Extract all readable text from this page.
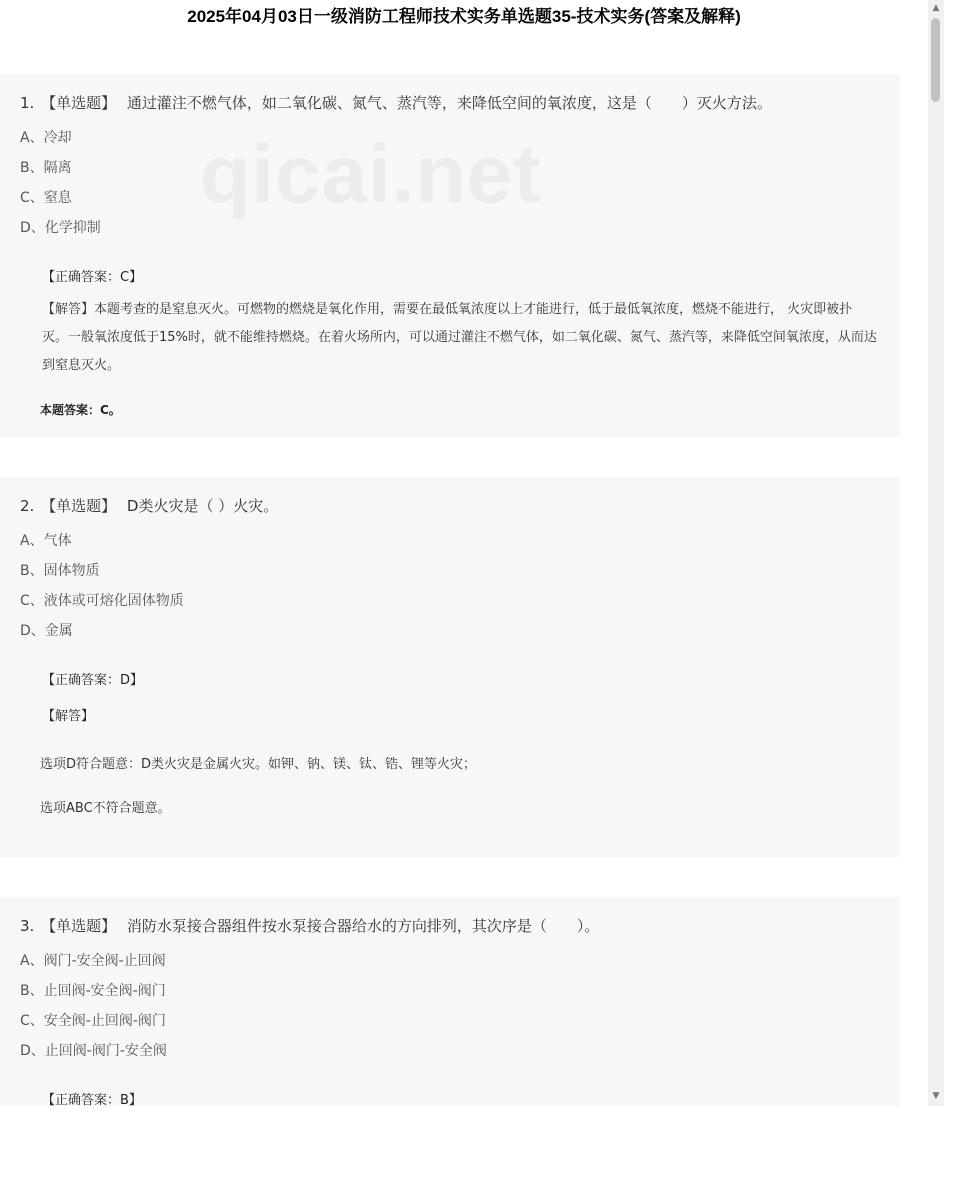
2025年04月03日一级消防工程师技术实务单选题35-技术实务(答案及解释)
qicai.net
1. 【单选题】 通过灌注不燃气体，如二氧化碳、氮气、蒸汽等，来降低空间的氧浓度，这是（　　）灭火方法。
A、冷却
B、隔离
C、窒息
D、化学抑制
【正确答案：C】
【解答】本题考查的是窒息灭火。可燃物的燃烧是氧化作用，需要在最低氧浓度以上才能进行，低于最低氧浓度，燃烧不能进行， 火灾即被扑灭。一般氧浓度低于15%时，就不能维持燃烧。在着火场所内，可以通过灌注不燃气体，如二氧化碳、氮气、蒸汽等，来降低空间氧浓度，从而达到窒息灭火。
本题答案：C。
2. 【单选题】 D类火灾是（ ）火灾。
A、气体
B、固体物质
C、液体或可熔化固体物质
D、金属
【正确答案：D】
【解答】
选项D符合题意：D类火灾是金属火灾。如钾、钠、镁、钛、锆、锂等火灾；
选项ABC不符合题意。
3. 【单选题】 消防水泵接合器组件按水泵接合器给水的方向排列，其次序是（　　）。
A、阀门-安全阀-止回阀
B、止回阀-安全阀-阀门
C、安全阀-止回阀-阀门
D、止回阀-阀门-安全阀
【正确答案：B】
▲
▼
